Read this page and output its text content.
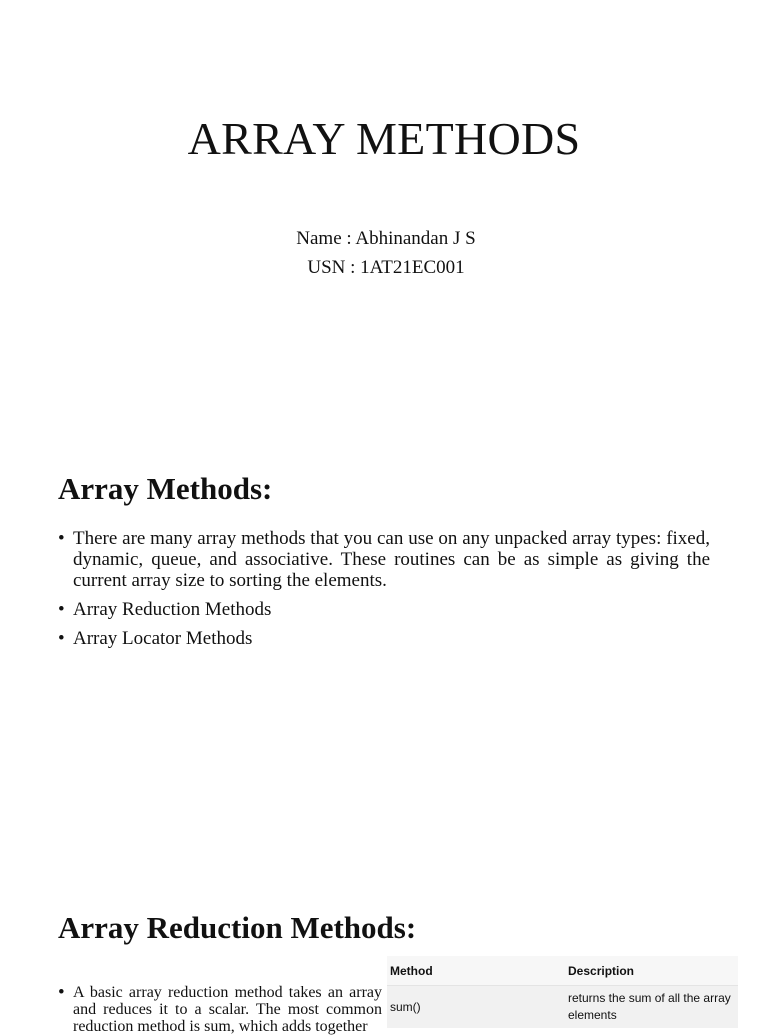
ARRAY METHODS

Name : Abhinandan J S

USN : 1AT21EC001

Array Methods:
• There are many array methods that you can use on any unpacked array types: fixed, dynamic, queue, and associative. These routines can be as simple as giving the current array size to sorting the elements.
• Array Reduction Methods
• Array Locator Methods
Array Reduction Methods:
• A basic array reduction method takes an array and reduces it to a scalar. The most common reduction method is sum, which adds together
Method	Description
sum()	returns the sum of all the array elements
